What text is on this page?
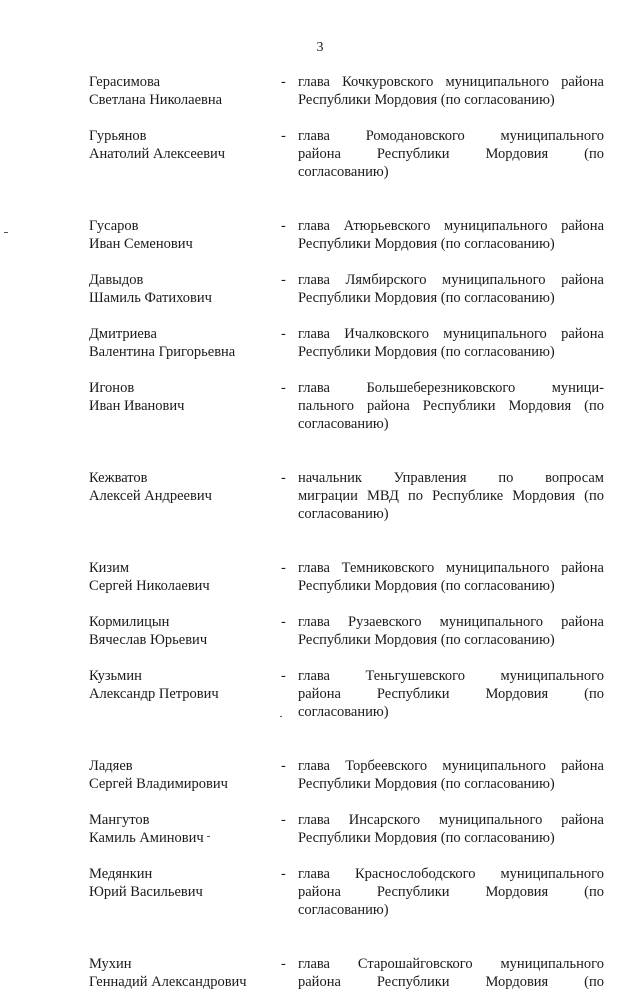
3
Герасимова
Светлана Николаевна
- глава Кочкуровского муниципального района
Республики Мордовия (по согласованию)
Гурьянов
Анатолий Алексеевич
- глава Ромодановского муниципального
района Республики Мордовия (по
согласованию)
Гусаров
Иван Семенович
- глава Атюрьевского муниципального района
Республики Мордовия (по согласованию)
Давыдов
Шамиль Фатихович
- глава Лямбирского муниципального района
Республики Мордовия (по согласованию)
Дмитриева
Валентина Григорьевна
- глава Ичалковского муниципального района
Республики Мордовия (по согласованию)
Игонов
Иван Иванович
- глава Большеберезниковского муници-
пального района Республики Мордовия (по
согласованию)
Кежватов
Алексей Андреевич
- начальник Управления по вопросам
миграции МВД по Республике Мордовия (по
согласованию)
Кизим
Сергей Николаевич
- глава Темниковского муниципального района
Республики Мордовия (по согласованию)
Кормилицын
Вячеслав Юрьевич
- глава Рузаевского муниципального района
Республики Мордовия (по согласованию)
Кузьмин
Александр Петрович
- глава Теньгушевского муниципального
района Республики Мордовия (по
согласованию)
Ладяев
Сергей Владимирович
- глава Торбеевского муниципального района
Республики Мордовия (по согласованию)
Мангутов
Камиль Аминович
- глава Инсарского муниципального района
Республики Мордовия (по согласованию)
Медянкин
Юрий Васильевич
- глава Краснослободского муниципального
района Республики Мордовия (по
согласованию)
Мухин
Геннадий Александрович
- глава Старошайговского муниципального
района Республики Мордовия (по
